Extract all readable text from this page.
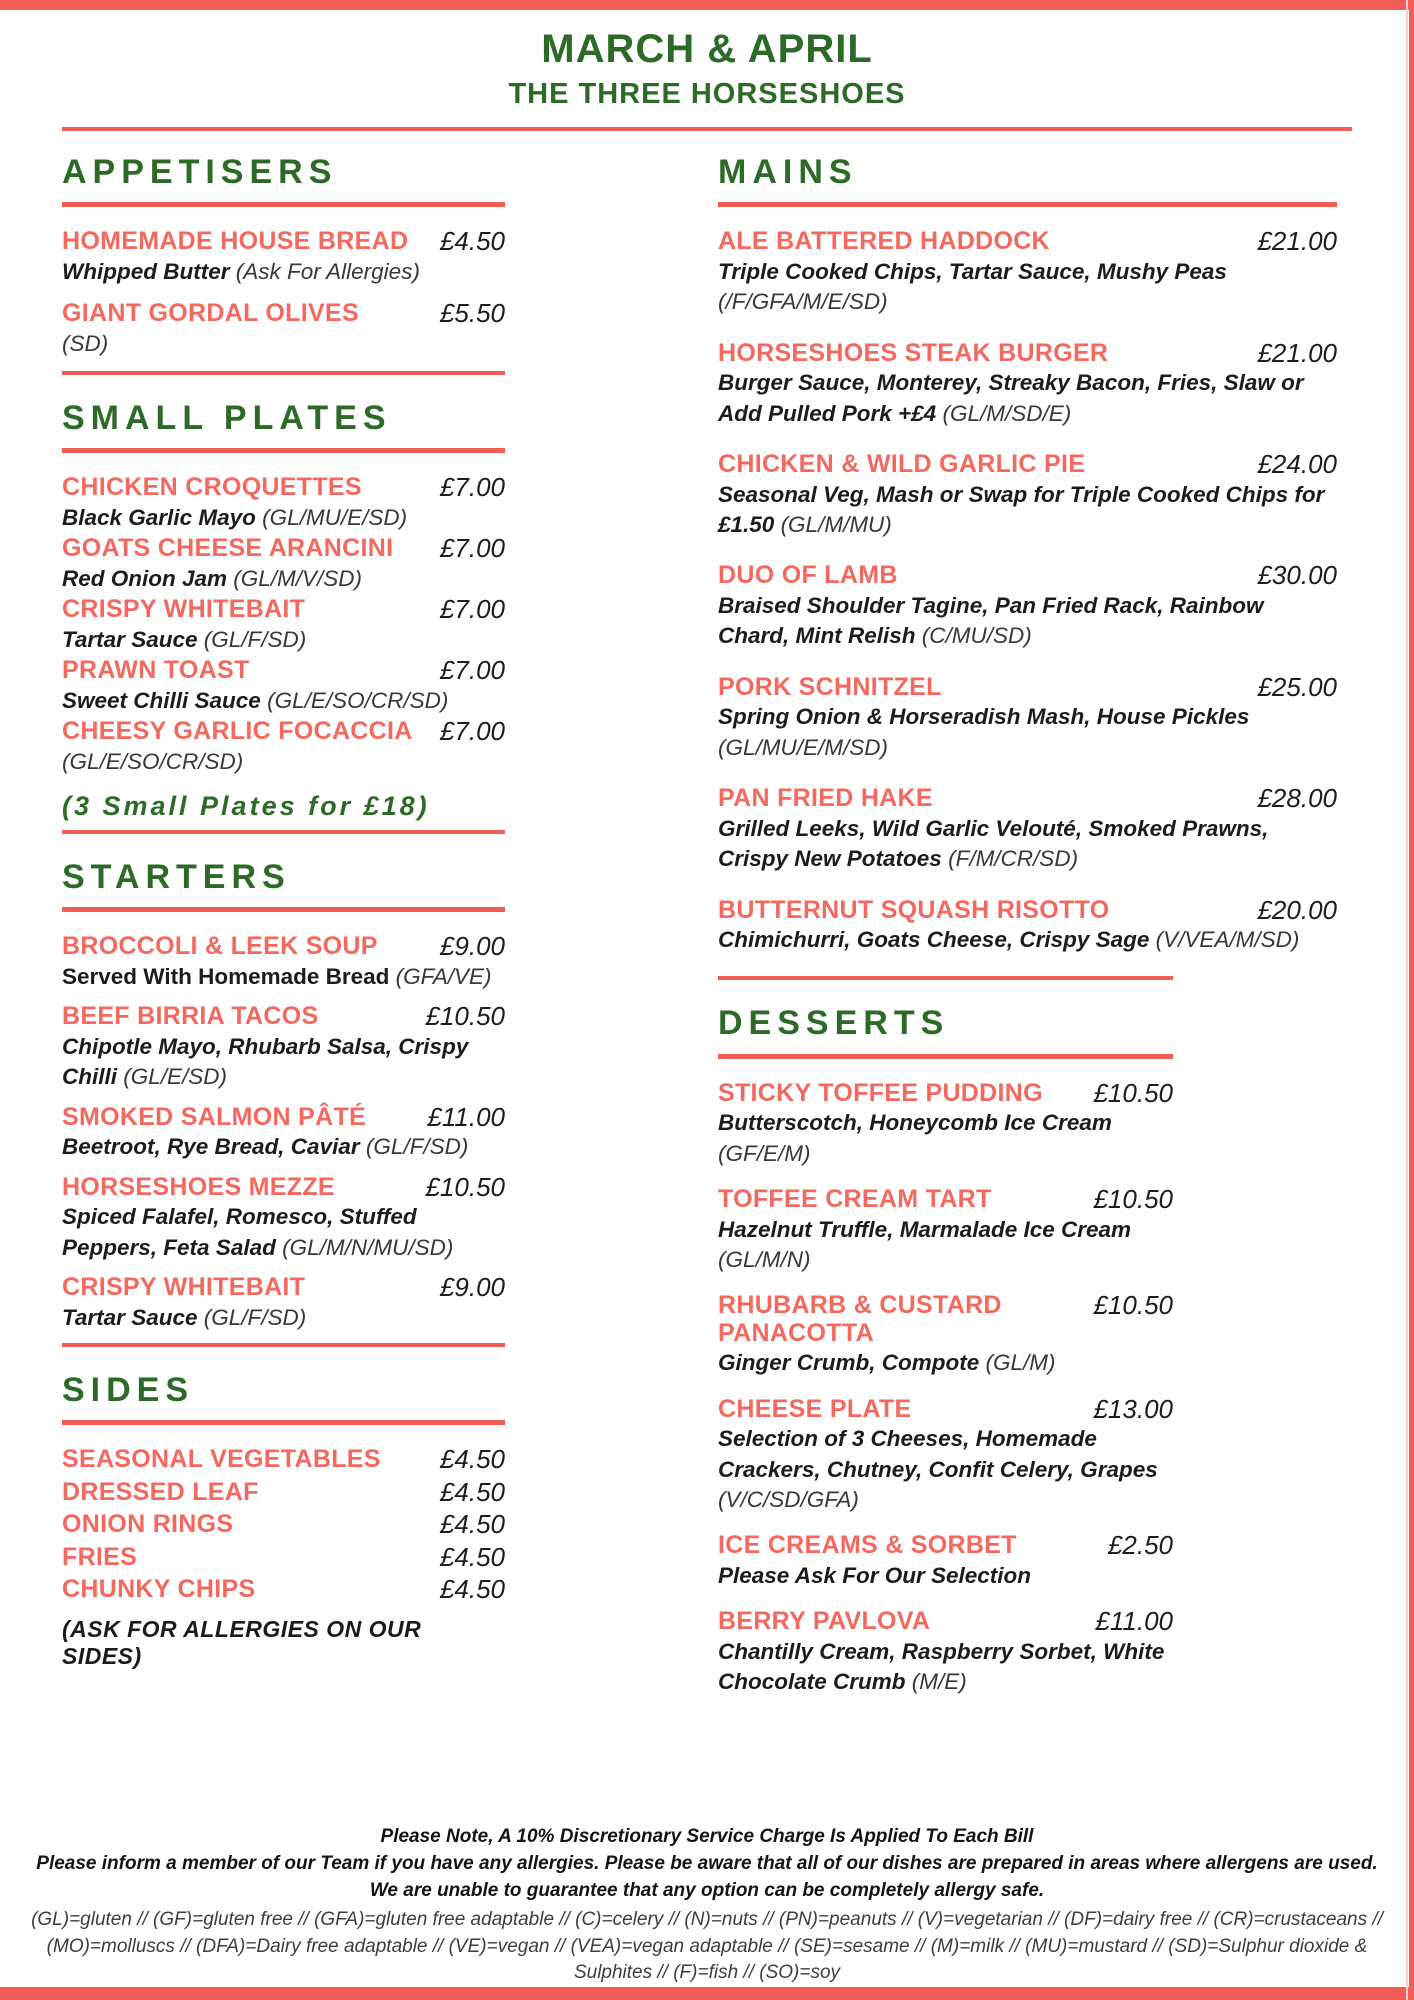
MARCH & APRIL
THE THREE HORSESHOES
APPETISERS
HOMEMADE HOUSE BREAD	£4.50
Whipped Butter (Ask For Allergies)
GIANT GORDAL OLIVES	£5.50
(SD)
SMALL PLATES
CHICKEN CROQUETTES	£7.00
Black Garlic Mayo (GL/MU/E/SD)
GOATS CHEESE ARANCINI	£7.00
Red Onion Jam (GL/M/V/SD)
CRISPY WHITEBAIT	£7.00
Tartar Sauce (GL/F/SD)
PRAWN TOAST	£7.00
Sweet Chilli Sauce (GL/E/SO/CR/SD)
CHEESY GARLIC FOCACCIA	£7.00
(GL/E/SO/CR/SD)
(3 Small Plates for £18)
STARTERS
BROCCOLI & LEEK SOUP	£9.00
Served With Homemade Bread (GFA/VE)
BEEF BIRRIA TACOS	£10.50
Chipotle Mayo, Rhubarb Salsa, Crispy Chilli (GL/E/SD)
SMOKED SALMON PÂTÉ	£11.00
Beetroot, Rye Bread, Caviar (GL/F/SD)
HORSESHOES MEZZE	£10.50
Spiced Falafel, Romesco, Stuffed Peppers, Feta Salad (GL/M/N/MU/SD)
CRISPY WHITEBAIT	£9.00
Tartar Sauce (GL/F/SD)
SIDES
SEASONAL VEGETABLES	£4.50
DRESSED LEAF	£4.50
ONION RINGS	£4.50
FRIES	£4.50
CHUNKY CHIPS	£4.50
(ASK FOR ALLERGIES ON OUR SIDES)
MAINS
ALE BATTERED HADDOCK	£21.00
Triple Cooked Chips, Tartar Sauce, Mushy Peas (/F/GFA/M/E/SD)
HORSESHOES STEAK BURGER	£21.00
Burger Sauce, Monterey, Streaky Bacon, Fries, Slaw or Add Pulled Pork +£4 (GL/M/SD/E)
CHICKEN & WILD GARLIC PIE	£24.00
Seasonal Veg, Mash or Swap for Triple Cooked Chips for £1.50 (GL/M/MU)
DUO OF LAMB	£30.00
Braised Shoulder Tagine, Pan Fried Rack, Rainbow Chard, Mint Relish (C/MU/SD)
PORK SCHNITZEL	£25.00
Spring Onion & Horseradish Mash, House Pickles (GL/MU/E/M/SD)
PAN FRIED HAKE	£28.00
Grilled Leeks, Wild Garlic Velouté, Smoked Prawns, Crispy New Potatoes (F/M/CR/SD)
BUTTERNUT SQUASH RISOTTO	£20.00
Chimichurri, Goats Cheese, Crispy Sage (V/VEA/M/SD)
DESSERTS
STICKY TOFFEE PUDDING	£10.50
Butterscotch, Honeycomb Ice Cream (GF/E/M)
TOFFEE CREAM TART	£10.50
Hazelnut Truffle, Marmalade Ice Cream (GL/M/N)
RHUBARB & CUSTARD PANACOTTA
£10.50
Ginger Crumb, Compote (GL/M)
CHEESE PLATE	£13.00
Selection of 3 Cheeses, Homemade Crackers, Chutney, Confit Celery, Grapes (V/C/SD/GFA)
ICE CREAMS & SORBET	£2.50
Please Ask For Our Selection
BERRY PAVLOVA	£11.00
Chantilly Cream, Raspberry Sorbet, White Chocolate Crumb (M/E)

Please Note, A 10% Discretionary Service Charge Is Applied To Each Bill

Please inform a member of our Team if you have any allergies. Please be aware that all of our dishes are prepared in areas where allergens are used. We are unable to guarantee that any option can be completely allergy safe.

(GL)=gluten // (GF)=gluten free // (GFA)=gluten free adaptable // (C)=celery // (N)=nuts // (PN)=peanuts // (V)=vegetarian // (DF)=dairy free // (CR)=crustaceans // (MO)=molluscs // (DFA)=Dairy free adaptable // (VE)=vegan // (VEA)=vegan adaptable // (SE)=sesame // (M)=milk // (MU)=mustard // (SD)=Sulphur dioxide & Sulphites // (F)=fish // (SO)=soy
